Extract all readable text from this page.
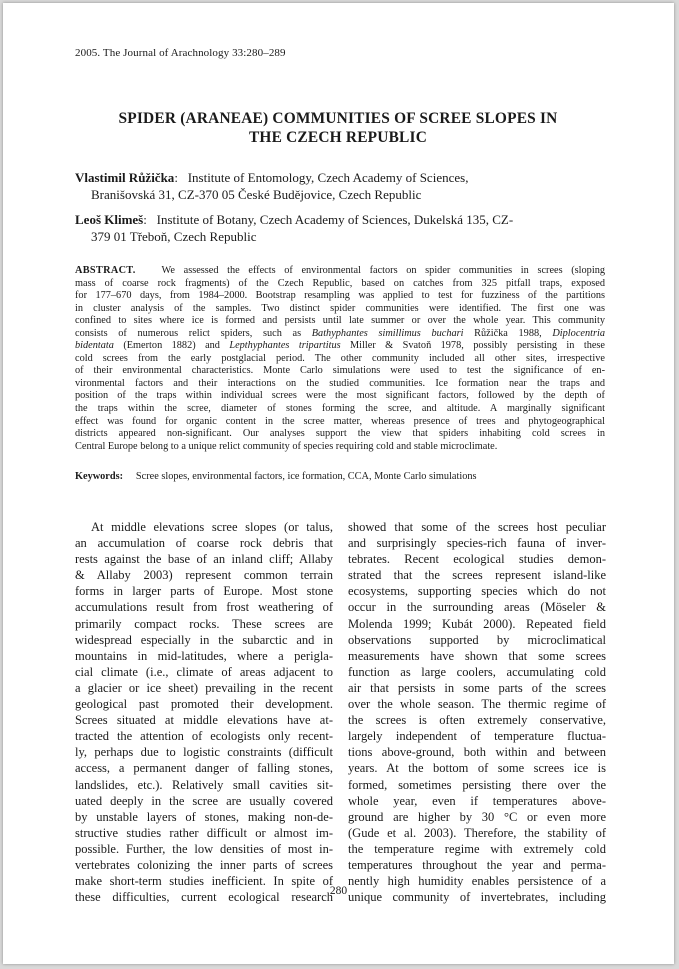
2005. The Journal of Arachnology 33:280–289
SPIDER (ARANEAE) COMMUNITIES OF SCREE SLOPES IN
THE CZECH REPUBLIC
Vlastimil Růžička:   Institute of Entomology, Czech Academy of Sciences,
Branišovská 31, CZ-370 05 České Budějovice, Czech Republic
Leoš Klimeš:   Institute of Botany, Czech Academy of Sciences, Dukelská 135, CZ-
379 01 Třeboň, Czech Republic
ABSTRACT.	We assessed the effects of environmental factors on spider communities in screes (sloping
mass of coarse rock fragments) of the Czech Republic, based on catches from 325 pitfall traps, exposed
for 177–670 days, from 1984–2000. Bootstrap resampling was applied to test for fuzziness of the partitions
in cluster analysis of the samples. Two distinct spider communities were identified. The first one was
confined to sites where ice is formed and persists until late summer or over the whole year. This community
consists of numerous relict spiders, such as Bathyphantes simillimus buchari Růžička 1988, Diplocentria
bidentata (Emerton 1882) and Lepthyphantes tripartitus Miller & Svatoň 1978, possibly persisting in these
cold screes from the early postglacial period. The other community included all other sites, irrespective
of their environmental characteristics. Monte Carlo simulations were used to test the significance of en-
vironmental factors and their interactions on the studied communities. Ice formation near the traps and
position of the traps within individual screes were the most significant factors, followed by the depth of
the traps within the scree, diameter of stones forming the scree, and altitude. A marginally significant
effect was found for organic content in the scree matter, whereas presence of trees and phytogeographical
districts appeared non-significant. Our analyses support the view that spiders inhabiting cold screes in
Central Europe belong to a unique relict community of species requiring cold and stable microclimate.
Keywords: Scree slopes, environmental factors, ice formation, CCA, Monte Carlo simulations
At middle elevations scree slopes (or talus,
an accumulation of coarse rock debris that
rests against the base of an inland cliff; Allaby
& Allaby 2003) represent common terrain
forms in larger parts of Europe. Most stone
accumulations result from frost weathering of
primarily compact rocks. These screes are
widespread especially in the subarctic and in
mountains in mid-latitudes, where a periglа-
cial climate (i.e., climate of areas adjacent to
a glacier or ice sheet) prevailing in the recent
geological past promoted their development.
Screes situated at middle elevations have at-
tracted the attention of ecologists only recent-
ly, perhaps due to logistic constraints (difficult
access, a permanent danger of falling stones,
landslides, etc.). Relatively small cavities sit-
uated deeply in the scree are usually covered
by unstable layers of stones, making non-de-
structive studies rather difficult or almost im-
possible. Further, the low densities of most in-
vertebrates colonizing the inner parts of screes
make short-term studies inefficient. In spite of
these difficulties, current ecological research
showed that some of the screes host peculiar
and surprisingly species-rich fauna of inver-
tebrates. Recent ecological studies demon-
strated that the screes represent island-like
ecosystems, supporting species which do not
occur in the surrounding areas (Möseler &
Molenda 1999; Kubát 2000). Repeated field
observations supported by microclimatical
measurements have shown that some screes
function as large coolers, accumulating cold
air that persists in some parts of the screes
over the whole season. The thermic regime of
the screes is often extremely conservative,
largely independent of temperature fluctua-
tions above-ground, both within and between
years. At the bottom of some screes ice is
formed, sometimes persisting there over the
whole year, even if temperatures above-
ground are higher by 30 °C or even more
(Gude et al. 2003). Therefore, the stability of
the temperature regime with extremely cold
temperatures throughout the year and perma-
nently high humidity enables persistence of a
unique community of invertebrates, including
280
